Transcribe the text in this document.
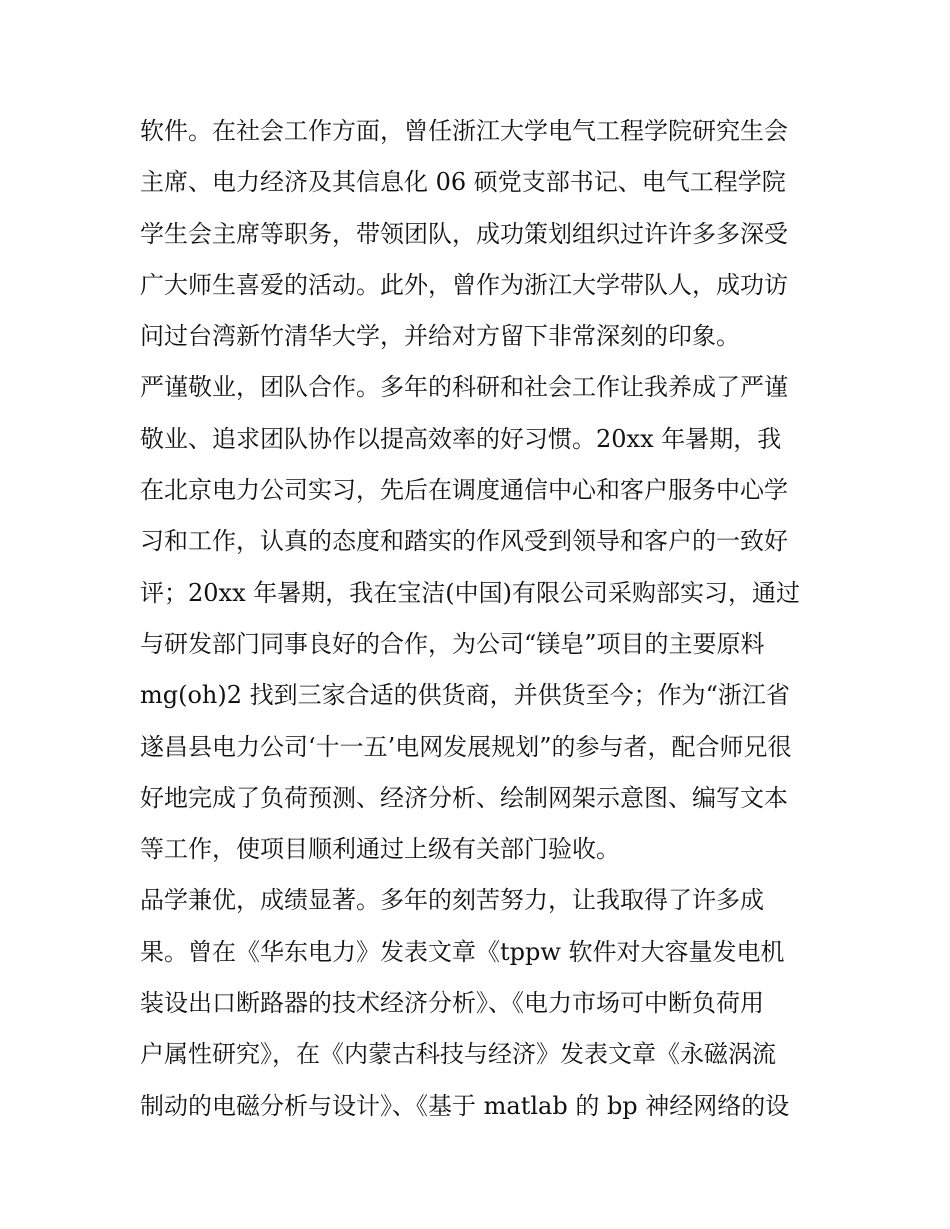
软件。在社会工作方面，曾任浙江大学电气工程学院研究生会
主席、电力经济及其信息化 06 硕党支部书记、电气工程学院
学生会主席等职务，带领团队，成功策划组织过许许多多深受
广大师生喜爱的活动。此外，曾作为浙江大学带队人，成功访
问过台湾新竹清华大学，并给对方留下非常深刻的印象。
严谨敬业，团队合作。多年的科研和社会工作让我养成了严谨
敬业、追求团队协作以提高效率的好习惯。20xx 年暑期，我
在北京电力公司实习，先后在调度通信中心和客户服务中心学
习和工作，认真的态度和踏实的作风受到领导和客户的一致好
评；20xx 年暑期，我在宝洁(中国)有限公司采购部实习，通过
与研发部门同事良好的合作，为公司“镁皂”项目的主要原料
mg(oh)2 找到三家合适的供货商，并供货至今；作为“浙江省
遂昌县电力公司‘十一五’电网发展规划”的参与者，配合师兄很
好地完成了负荷预测、经济分析、绘制网架示意图、编写文本
等工作，使项目顺利通过上级有关部门验收。
品学兼优，成绩显著。多年的刻苦努力，让我取得了许多成
果。曾在《华东电力》发表文章《tppw 软件对大容量发电机
装设出口断路器的技术经济分析》、《电力市场可中断负荷用
户属性研究》，在《内蒙古科技与经济》发表文章《永磁涡流
制动的电磁分析与设计》、《基于 matlab 的 bp 神经网络的设
